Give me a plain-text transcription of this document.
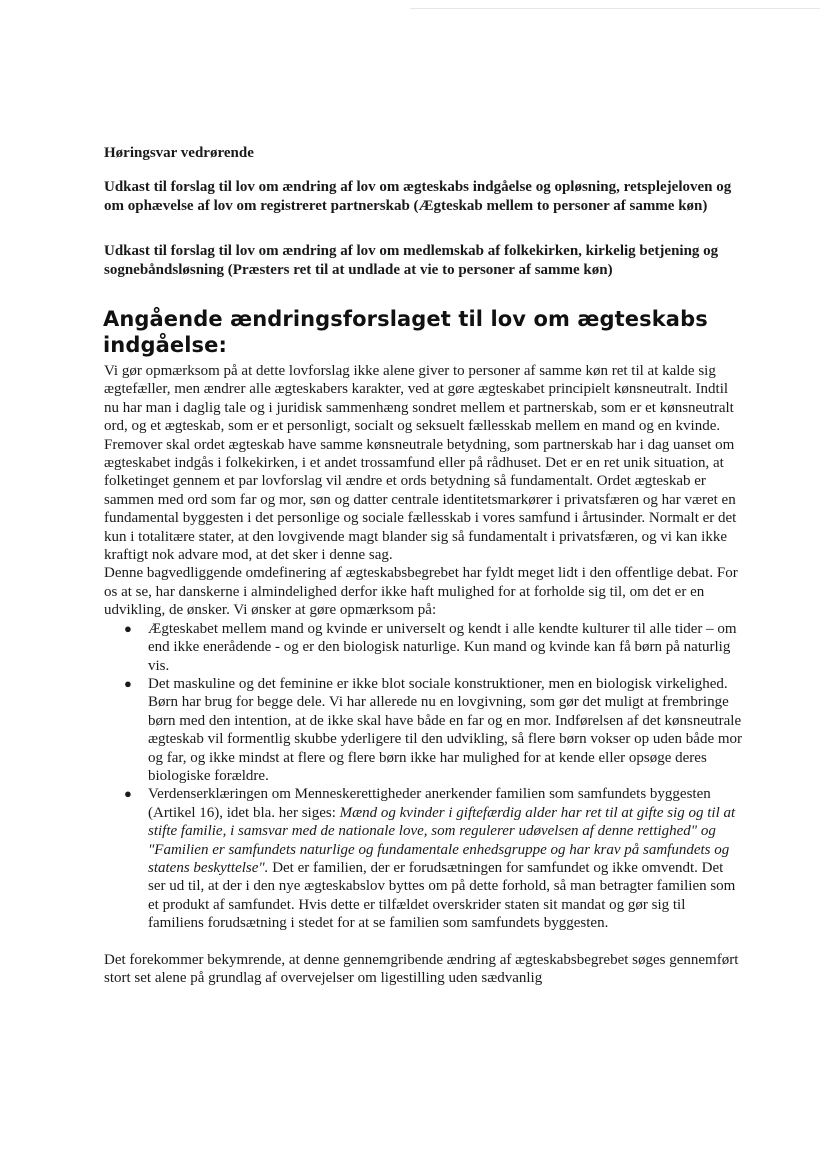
Høringsvar vedrørende

Udkast til forslag til lov om ændring af lov om ægteskabs indgåelse og opløsning, retsplejeloven og om ophævelse af lov om registreret partnerskab (Ægteskab mellem to personer af samme køn)

Udkast til forslag til lov om ændring af lov om medlemskab af folkekirken, kirkelig betjening og sognebåndsløsning (Præsters ret til at undlade at vie to personer af samme køn)

Angående ændringsforslaget til lov om ægteskabs indgåelse:

Vi gør opmærksom på at dette lovforslag ikke alene giver to personer af samme køn ret til at kalde sig ægtefæller, men ændrer alle ægteskabers karakter, ved at gøre ægteskabet principielt kønsneutralt. Indtil nu har man i daglig tale og i juridisk sammenhæng sondret mellem et partnerskab, som er et kønsneutralt ord, og et ægteskab, som er et personligt, socialt og seksuelt fællesskab mellem en mand og en kvinde. Fremover skal ordet ægteskab have samme kønsneutrale betydning, som partnerskab har i dag uanset om ægteskabet indgås i folkekirken, i et andet trossamfund eller på rådhuset. Det er en ret unik situation, at folketinget gennem et par lovforslag vil ændre et ords betydning så fundamentalt. Ordet ægteskab er sammen med ord som far og mor, søn og datter centrale identitetsmarkører i privatsfæren og har været en fundamental byggesten i det personlige og sociale fællesskab i vores samfund i årtusinder. Normalt er det kun i totalitære stater, at den lovgivende magt blander sig så fundamentalt i privatsfæren, og vi kan ikke kraftigt nok advare mod, at det sker i denne sag.

Denne bagvedliggende omdefinering af ægteskabsbegrebet har fyldt meget lidt i den offentlige debat. For os at se, har danskerne i almindelighed derfor ikke haft mulighed for at forholde sig til, om det er en udvikling, de ønsker. Vi ønsker at gøre opmærksom på:

● Ægteskabet mellem mand og kvinde er universelt og kendt i alle kendte kulturer til alle tider – om end ikke enerådende - og er den biologisk naturlige. Kun mand og kvinde kan få børn på naturlig vis.
● Det maskuline og det feminine er ikke blot sociale konstruktioner, men en biologisk virkelighed. Børn har brug for begge dele. Vi har allerede nu en lovgivning, som gør det muligt at frembringe børn med den intention, at de ikke skal have både en far og en mor. Indførelsen af det kønsneutrale ægteskab vil formentlig skubbe yderligere til den udvikling, så flere børn vokser op uden både mor og far, og ikke mindst at flere og flere børn ikke har mulighed for at kende eller opsøge deres biologiske forældre.
● Verdenserklæringen om Menneskerettigheder anerkender familien som samfundets byggesten (Artikel 16), idet bla. her siges: Mænd og kvinder i giftefærdig alder har ret til at gifte sig og til at stifte familie, i samsvar med de nationale love, som regulerer udøvelsen af denne rettighed" og "Familien er samfundets naturlige og fundamentale enhedsgruppe og har krav på samfundets og statens beskyttelse". Det er familien, der er forudsætningen for samfundet og ikke omvendt. Det ser ud til, at der i den nye ægteskabslov byttes om på dette forhold, så man betragter familien som et produkt af samfundet. Hvis dette er tilfældet overskrider staten sit mandat og gør sig til familiens forudsætning i stedet for at se familien som samfundets byggesten.

Det forekommer bekymrende, at denne gennemgribende ændring af ægteskabsbegrebet søges gennemført stort set alene på grundlag af overvejelser om ligestilling uden sædvanlig
